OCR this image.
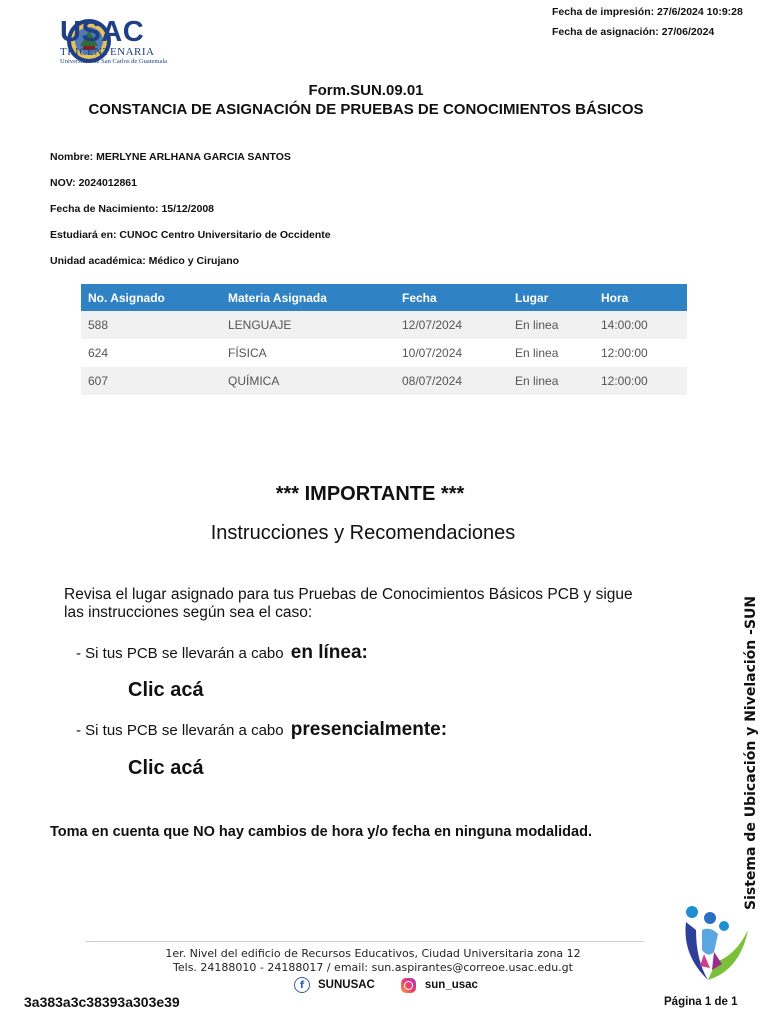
USAC
TRICENTENARIA
Universidad de San Carlos de Guatemala
Fecha de impresión: 27/6/2024 10:9:28
Fecha de asignación: 27/06/2024
Form.SUN.09.01
CONSTANCIA DE ASIGNACIÓN DE PRUEBAS DE CONOCIMIENTOS BÁSICOS
Nombre: MERLYNE ARLHANA GARCIA SANTOS
NOV: 2024012861
Fecha de Nacimiento: 15/12/2008
Estudiará en: CUNOC Centro Universitario de Occidente
Unidad académica: Médico y Cirujano
No. Asignado	Materia Asignada	Fecha	Lugar	Hora
588	LENGUAJE	12/07/2024	En linea	14:00:00
624	FÍSICA	10/07/2024	En linea	12:00:00
607	QUÍMICA	08/07/2024	En linea	12:00:00
*** IMPORTANTE ***
Instrucciones y Recomendaciones
Revisa el lugar asignado para tus Pruebas de Conocimientos Básicos PCB y sigue las instrucciones según sea el caso:
- Si tus PCB se llevarán a cabo en línea:
Clic acá
- Si tus PCB se llevarán a cabo presencialmente:
Clic acá
Toma en cuenta que NO hay cambios de hora y/o fecha en ninguna modalidad.	Sistema de Ubicación y Nivelación -SUN
1er. Nivel del edificio de Recursos Educativos, Ciudad Universitaria zona 12
Tels. 24188010 - 24188017 / email: sun.aspirantes@correoe.usac.edu.gt
f	SUNUSAC	sun_usac
3a383a3c38393a303e39	Página 1 de 1
